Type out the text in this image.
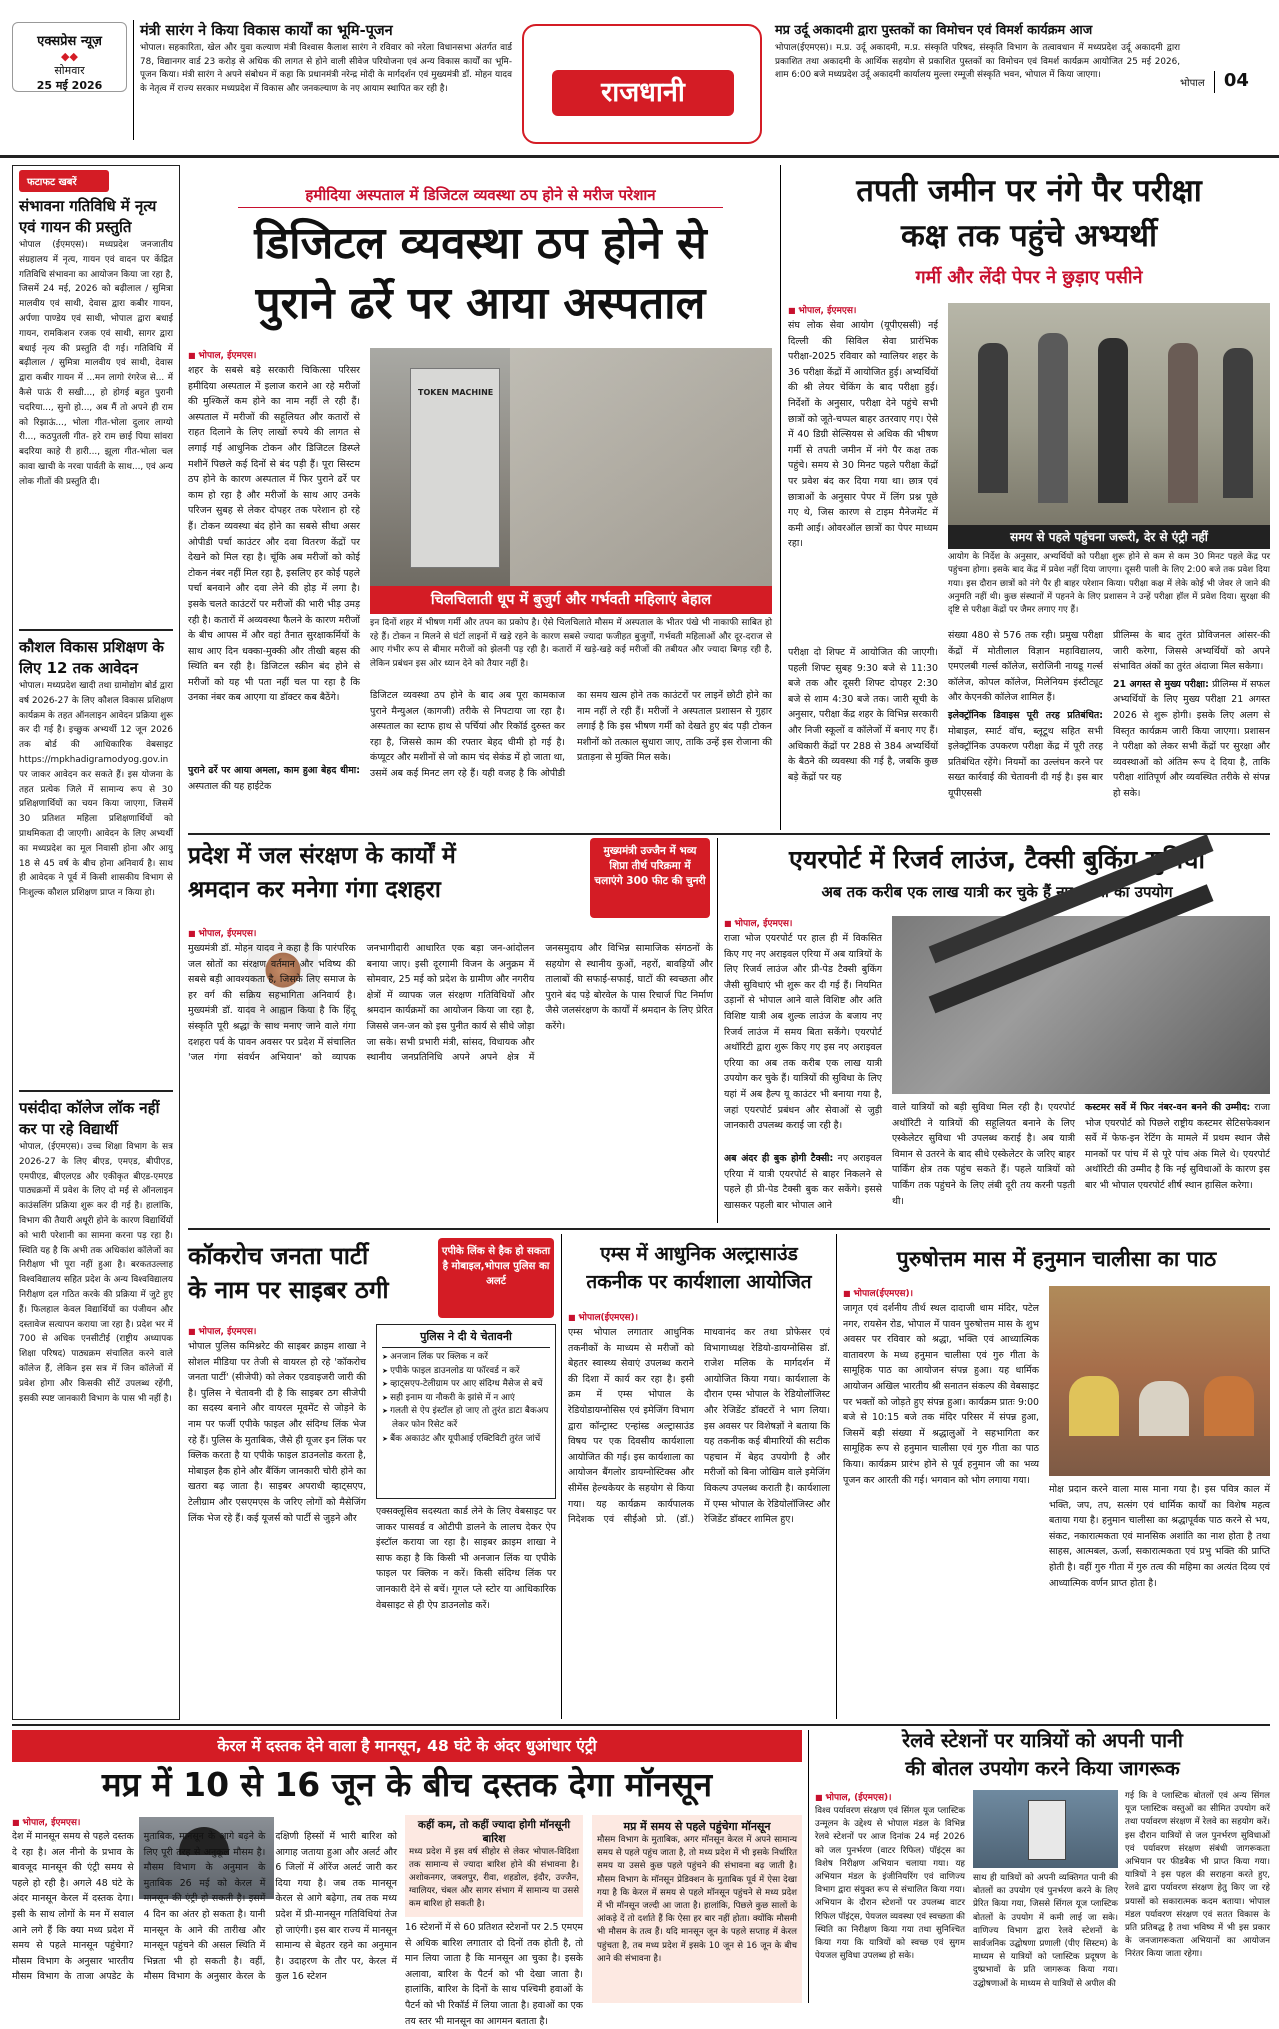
एक्सप्रेस न्यूज़
◆◆
सोमवार
25 मई 2026
मंत्री सारंग ने किया विकास कार्यों का भूमि-पूजन
भोपाल। सहकारिता, खेल और युवा कल्याण मंत्री विश्वास कैलाश सारंग ने रविवार को नरेला विधानसभा अंतर्गत वार्ड 78, विद्यानगर वार्ड 23 करोड़ से अधिक की लागत से होने वाली सीवेज परियोजना एवं अन्य विकास कार्यों का भूमि-पूजन किया। मंत्री सारंग ने अपने संबोधन में कहा कि प्रधानमंत्री नरेन्द्र मोदी के मार्गदर्शन एवं मुख्यमंत्री डॉ. मोहन यादव के नेतृत्व में राज्य सरकार मध्यप्रदेश में विकास और जनकल्याण के नए आयाम स्थापित कर रही है।	राजधानी
मप्र उर्दू अकादमी द्वारा पुस्तकों का विमोचन एवं विमर्श कार्यक्रम आज
भोपाल(ईएमएस)। म.प्र. उर्दू अकादमी, म.प्र. संस्कृति परिषद, संस्कृति विभाग के तत्वावधान में मध्यप्रदेश उर्दू अकादमी द्वारा प्रकाशित तथा अकादमी के आर्थिक सहयोग से प्रकाशित पुस्तकों का विमोचन एवं विमर्श कार्यक्रम आयोजित 25 मई 2026, शाम 6:00 बजे मध्यप्रदेश उर्दू अकादमी कार्यालय मुल्ला रम्मूजी संस्कृति भवन, भोपाल में किया जाएगा।
भोपाल 04
फटाफट खबरें
संभावना गतिविधि में नृत्य एवं गायन की प्रस्तुति
भोपाल (ईएमएस)। मध्यप्रदेश जनजातीय संग्रहालय में नृत्य, गायन एवं वादन पर केंद्रित गतिविधि संभावना का आयोजन किया जा रहा है, जिसमें 24 मई, 2026 को बढ़ीलाल / सुमित्रा मालवीय एवं साथी, देवास द्वारा कबीर गायन, अर्पणा पाण्डेय एवं साथी, भोपाल द्वारा बधाई गायन, रामकिशन रजक एवं साथी, सागर द्वारा बधाई नृत्य की प्रस्तुति दी गई। गतिविधि में बढ़ीलाल / सुमित्रा मालवीय एवं साथी, देवास द्वारा कबीर गायन में ...मन लागो रंगरेज से... में कैसे पाऊं री सखी..., हो होगई बहुत पुरानी चदरिया..., सुनो हो..., अब मैं तो अपने ही राम को रिझाऊं..., भोला गीत-भोला दुलार लाग्यो री..., कठपुतली गीत- हरे राम छाई पिया सांवरा बदरिया काहे री हारी..., झूला गीत-भोला चल कावा खाची के नरवा पार्वती के साथ..., एवं अन्य लोक गीतों की प्रस्तुति दी।
कौशल विकास प्रशिक्षण के लिए 12 तक आवेदन
भोपाल। मध्यप्रदेश खादी तथा ग्रामोद्योग बोर्ड द्वारा वर्ष 2026-27 के लिए कौशल विकास प्रशिक्षण कार्यक्रम के तहत ऑनलाइन आवेदन प्रक्रिया शुरू कर दी गई है। इच्छुक अभ्यर्थी 12 जून 2026 तक बोर्ड की आधिकारिक वेबसाइट https://mpkhadigramodyog.gov.in पर जाकर आवेदन कर सकते हैं। इस योजना के तहत प्रत्येक जिले में सामान्य रूप से 30 प्रशिक्षणार्थियों का चयन किया जाएगा, जिसमें 30 प्रतिशत महिला प्रशिक्षणार्थियों को प्राथमिकता दी जाएगी। आवेदन के लिए अभ्यर्थी का मध्यप्रदेश का मूल निवासी होना और आयु 18 से 45 वर्ष के बीच होना अनिवार्य है। साथ ही आवेदक ने पूर्व में किसी शासकीय विभाग से निःशुल्क कौशल प्रशिक्षण प्राप्त न किया हो।
पसंदीदा कॉलेज लॉक नहीं कर पा रहे विद्यार्थी
भोपाल, (ईएमएस)। उच्च शिक्षा विभाग के सत्र 2026-27 के लिए बीएड, एमएड, बीपीएड, एमपीएड, बीएलएड और एकीकृत बीएड-एमएड पाठ्यक्रमों में प्रवेश के लिए दो मई से ऑनलाइन काउंसलिंग प्रक्रिया शुरू कर दी गई है। हालांकि, विभाग की तैयारी अधूरी होने के कारण विद्यार्थियों को भारी परेशानी का सामना करना पड़ रहा है। स्थिति यह है कि अभी तक अधिकांश कॉलेजों का निरीक्षण भी पूरा नहीं हुआ है। बरकतउल्लाह विश्वविद्यालय सहित प्रदेश के अन्य विश्वविद्यालय निरीक्षण दल गठित करके की प्रक्रिया में जुटे हुए हैं। फिलहाल केवल विद्यार्थियों का पंजीयन और दस्तावेज सत्यापन कराया जा रहा है। प्रदेश भर में 700 से अधिक एनसीटीई (राष्ट्रीय अध्यापक शिक्षा परिषद) पाठ्यक्रम संचालित करने वाले कॉलेज हैं, लेकिन इस सत्र में जिन कॉलेजों में प्रवेश होगा और किसकी सीटें उपलब्ध रहेंगी, इसकी स्पष्ट जानकारी विभाग के पास भी नहीं है।
हमीदिया अस्पताल में डिजिटल व्यवस्था ठप होने से मरीज परेशान
डिजिटल व्यवस्था ठप होने से
पुराने ढर्रे पर आया अस्पताल
■ भोपाल, ईएमएस।
शहर के सबसे बड़े सरकारी चिकित्सा परिसर हमीदिया अस्पताल में इलाज कराने आ रहे मरीजों की मुश्किलें कम होने का नाम नहीं ले रही हैं। अस्पताल में मरीजों की सहूलियत और कतारों से राहत दिलाने के लिए लाखों रुपये की लागत से लगाई गई आधुनिक टोकन और डिजिटल डिस्प्ले मशीनें पिछले कई दिनों से बंद पड़ी हैं। पूरा सिस्टम ठप होने के कारण अस्पताल में फिर पुराने ढर्रे पर काम हो रहा है और मरीजों के साथ आए उनके परिजन सुबह से लेकर दोपहर तक परेशान हो रहे हैं। टोकन व्यवस्था बंद होने का सबसे सीधा असर ओपीडी पर्चा काउंटर और दवा वितरण केंद्रों पर देखने को मिल रहा है। चूंकि अब मरीजों को कोई टोकन नंबर नहीं मिल रहा है, इसलिए हर कोई पहले पर्चा बनवाने और दवा लेने की होड़ में लगा है। इसके चलते काउंटरों पर मरीजों की भारी भीड़ उमड़ रही है। कतारों में अव्यवस्था फैलने के कारण मरीजों के बीच आपस में और वहां तैनात सुरक्षाकर्मियों के साथ आए दिन धक्का-मुक्की और तीखी बहस की स्थिति बन रही है। डिजिटल स्क्रीन बंद होने से मरीजों को यह भी पता नहीं चल पा रहा है कि उनका नंबर कब आएगा या डॉक्टर कब बैठेंगे।
पुराने ढर्रे पर आया अमला, काम हुआ बेहद धीमा: अस्पताल की यह हाईटेक
TOKEN MACHINE
चिलचिलाती धूप में बुजुर्ग और गर्भवती महिलाएं बेहाल
इन दिनों शहर में भीषण गर्मी और तपन का प्रकोप है। ऐसे चिलचिलाते मौसम में अस्पताल के भीतर पंखे भी नाकाफी साबित हो रहे हैं। टोकन न मिलने से घंटों लाइनों में खड़े रहने के कारण सबसे ज्यादा फजीहत बुजुर्गों, गर्भवती महिलाओं और दूर-दराज से आए गंभीर रूप से बीमार मरीजों को झेलनी पड़ रही है। कतारों में खड़े-खड़े कई मरीजों की तबीयत और ज्यादा बिगड़ रही है, लेकिन प्रबंधन इस ओर ध्यान देने को तैयार नहीं है।
डिजिटल व्यवस्था ठप होने के बाद अब पूरा कामकाज पुराने मैन्युअल (कागजी) तरीके से निपटाया जा रहा है। अस्पताल का स्टाफ हाथ से पर्चियां और रिकॉर्ड दुरुस्त कर रहा है, जिससे काम की रफ्तार बेहद धीमी हो गई है। कंप्यूटर और मशीनों से जो काम चंद सेकंड में हो जाता था, उसमें अब कई मिनट लग रहे हैं। यही वजह है कि ओपीडी का समय खत्म होने तक काउंटरों पर लाइनें छोटी होने का नाम नहीं ले रही हैं। मरीजों ने अस्पताल प्रशासन से गुहार लगाई है कि इस भीषण गर्मी को देखते हुए बंद पड़ी टोकन मशीनों को तत्काल सुधारा जाए, ताकि उन्हें इस रोजाना की प्रताड़ना से मुक्ति मिल सके।
तपती जमीन पर नंगे पैर परीक्षा
कक्ष तक पहुंचे अभ्यर्थी
गर्मी और लेंदी पेपर ने छुड़ाए पसीने
■ भोपाल, ईएमएस।
संघ लोक सेवा आयोग (यूपीएससी) नई दिल्ली की सिविल सेवा प्रारंभिक परीक्षा-2025 रविवार को ग्वालियर शहर के 36 परीक्षा केंद्रों में आयोजित हुई। अभ्यर्थियों की श्री लेयर चेकिंग के बाद परीक्षा हुई। निर्देशों के अनुसार, परीक्षा देने पहुंचे सभी छात्रों को जूते-चप्पल बाहर उतरवाए गए। ऐसे में 40 डिग्री सेल्सियस से अधिक की भीषण गर्मी से तपती जमीन में नंगे पैर कक्ष तक पहुंचे। समय से 30 मिनट पहले परीक्षा केंद्रों पर प्रवेश बंद कर दिया गया था। छात्र एवं छात्राओं के अनुसार पेपर में लिंग प्रश्न पूछे गए थे, जिस कारण से टाइम मैनेजमेंट में कमी आई। ओवरऑल छात्रों का पेपर माध्यम रहा।
परीक्षा दो शिफ्ट में आयोजित की जाएगी। पहली शिफ्ट सुबह 9:30 बजे से 11:30 बजे तक और दूसरी शिफ्ट दोपहर 2:30 बजे से शाम 4:30 बजे तक। जारी सूची के अनुसार, परीक्षा केंद्र शहर के विभिन्न सरकारी और निजी स्कूलों व कॉलेजों में बनाए गए हैं। अधिकारी केंद्रों पर 288 से 384 अभ्यर्थियों के बैठने की व्यवस्था की गई है, जबकि कुछ बड़े केंद्रों पर यह
समय से पहले पहुंचना जरूरी, देर से एंट्री नहीं
आयोग के निर्देश के अनुसार, अभ्यर्थियों को परीक्षा शुरू होने से कम से कम 30 मिनट पहले केंद्र पर पहुंचना होगा। इसके बाद केंद्र में प्रवेश नहीं दिया जाएगा। दूसरी पाली के लिए 2:00 बजे तक प्रवेश दिया गया। इस दौरान छात्रों को नंगे पैर ही बाहर परेशान किया। परीक्षा कक्ष में लेके कोई भी जेवर ले जाने की अनुमति नहीं थी। कुछ संस्थानों में पहनने के लिए प्रशासन ने उन्हें परीक्षा हॉल में प्रवेश दिया। सुरक्षा की दृष्टि से परीक्षा केंद्रों पर जैमर लगाए गए हैं।
संख्या 480 से 576 तक रही। प्रमुख परीक्षा केंद्रों में मोतीलाल विज्ञान महाविद्यालय, एमएलबी गर्ल्स कॉलेज, सरोजिनी नायडू गर्ल्स कॉलेज, कोपल कॉलेज, मिलेनियम इंस्टीट्यूट और केएनकी कॉलेज शामिल हैं।
इलेक्ट्रॉनिक डिवाइस पूरी तरह प्रतिबंधित: मोबाइल, स्मार्ट वॉच, ब्लूटूथ सहित सभी इलेक्ट्रॉनिक उपकरण परीक्षा केंद्र में पूरी तरह प्रतिबंधित रहेंगे। नियमों का उल्लंघन करने पर सख्त कार्रवाई की चेतावनी दी गई है। इस बार यूपीएससी
प्रीलिम्स के बाद तुरंत प्रोविजनल आंसर-की जारी करेगा, जिससे अभ्यर्थियों को अपने संभावित अंकों का तुरंत अंदाजा मिल सकेगा।
21 अगस्त से मुख्य परीक्षा: प्रीलिम्स में सफल अभ्यर्थियों के लिए मुख्य परीक्षा 21 अगस्त 2026 से शुरू होगी। इसके लिए अलग से विस्तृत कार्यक्रम जारी किया जाएगा। प्रशासन ने परीक्षा को लेकर सभी केंद्रों पर सुरक्षा और व्यवस्थाओं को अंतिम रूप दे दिया है, ताकि परीक्षा शांतिपूर्ण और व्यवस्थित तरीके से संपन्न हो सके।
प्रदेश में जल संरक्षण के कार्यों में
श्रमदान कर मनेगा गंगा दशहरा
मुख्यमंत्री उज्जैन में भव्य शिप्रा तीर्थ परिक्रमा में चलाएंगे 300 फीट की चुनरी
■ भोपाल, ईएमएस।
मुख्यमंत्री डॉ. मोहन यादव ने कहा है कि पारंपरिक जल स्रोतों का संरक्षण वर्तमान और भविष्य की सबसे बड़ी आवश्यकता है, जिसके लिए समाज के हर वर्ग की सक्रिय सहभागिता अनिवार्य है। मुख्यमंत्री डॉ. यादव ने आह्वान किया है कि हिंदू संस्कृति पूरी श्रद्धा के साथ मनाए जाने वाले गंगा दशहरा पर्व के पावन अवसर पर प्रदेश में संचालित 'जल गंगा संवर्धन अभियान' को व्यापक जनभागीदारी आधारित एक बड़ा जन-आंदोलन बनाया जाए। इसी दूरगामी विजन के अनुक्रम में सोमवार, 25 मई को प्रदेश के ग्रामीण और नगरीय क्षेत्रों में व्यापक जल संरक्षण गतिविधियों और श्रमदान कार्यक्रमों का आयोजन किया जा रहा है, जिससे जन-जन को इस पुनीत कार्य से सीधे जोड़ा जा सके। सभी प्रभारी मंत्री, सांसद, विधायक और स्थानीय जनप्रतिनिधि अपने अपने क्षेत्र में जनसमुदाय और विभिन्न सामाजिक संगठनों के सहयोग से स्थानीय कुओं, नहरों, बावड़ियों और तालाबों की सफाई-सफाई, घाटों की स्वच्छता और पुराने बंद पड़े बोरवेल के पास रिचार्ज पिट निर्माण जैसे जलसंरक्षण के कार्यों में श्रमदान के लिए प्रेरित करेंगे।
एयरपोर्ट में रिजर्व लाउंज, टैक्सी बुकिंग सुविधा
अब तक करीब एक लाख यात्री कर चुके हैं नए एरिया का उपयोग
■ भोपाल, ईएमएस।
राजा भोज एयरपोर्ट पर हाल ही में विकसित किए गए नए अराइवल एरिया में अब यात्रियों के लिए रिजर्व लाउंज और प्री-पेड टैक्सी बुकिंग जैसी सुविधाएं भी शुरू कर दी गई हैं। नियमित उड़ानों से भोपाल आने वाले विशिष्ट और अति विशिष्ट यात्री अब शुल्क लाउंज के बजाय नए रिजर्व लाउंज में समय बिता सकेंगे। एयरपोर्ट अथॉरिटी द्वारा शुरू किए गए इस नए अराइवल एरिया का अब तक करीब एक लाख यात्री उपयोग कर चुके हैं। यात्रियों की सुविधा के लिए यहां में अब हैल्प यू काउंटर भी बनाया गया है, जहां एयरपोर्ट प्रबंधन और सेवाओं से जुड़ी जानकारी उपलब्ध कराई जा रही है।
अब अंदर ही बुक होगी टैक्सी: नए अराइवल एरिया में यात्री एयरपोर्ट से बाहर निकलने से पहले ही प्री-पेड टैक्सी बुक कर सकेंगे। इससे खासकर पहली बार भोपाल आने
वाले यात्रियों को बड़ी सुविधा मिल रही है। एयरपोर्ट अथॉरिटी ने यात्रियों की सहूलियत बनाने के लिए एस्केलेटर सुविधा भी उपलब्ध कराई है। अब यात्री विमान से उतरने के बाद सीधे एस्केलेटर के जरिए बाहर पार्किंग क्षेत्र तक पहुंच सकते हैं। पहले यात्रियों को पार्किंग तक पहुंचने के लिए लंबी दूरी तय करनी पड़ती थी।
कस्टमर सर्वे में फिर नंबर-वन बनने की उम्मीद: राजा भोज एयरपोर्ट को पिछले राष्ट्रीय कस्टमर सेटिसफेक्शन सर्वे में फेफ-इन रेटिंग के मामले में प्रथम स्थान जैसे मानकों पर पांच में से पूरे पांच अंक मिले थे। एयरपोर्ट अथॉरिटी की उम्मीद है कि नई सुविधाओं के कारण इस बार भी भोपाल एयरपोर्ट शीर्ष स्थान हासिल करेगा।
कॉकरोच जनता पार्टी
के नाम पर साइबर ठगी
एपीके लिंक से हैक हो सकता है मोबाइल,भोपाल पुलिस का अलर्ट
■ भोपाल, ईएमएस।
भोपाल पुलिस कमिश्नरेट की साइबर क्राइम शाखा ने सोशल मीडिया पर तेजी से वायरल हो रहे 'कॉकरोच जनता पार्टी' (सीजेपी) को लेकर एडवाइजरी जारी की है। पुलिस ने चेतावनी दी है कि साइबर ठग सीजेपी का सदस्य बनाने और वायरल मूवमेंट से जोड़ने के नाम पर फर्जी एपीके फाइल और संदिग्ध लिंक भेज रहे हैं। पुलिस के मुताबिक, जैसे ही यूजर इन लिंक पर क्लिक करता है या एपीके फाइल डाउनलोड करता है, मोबाइल हैक होने और बैंकिंग जानकारी चोरी होने का खतरा बढ़ जाता है। साइबर अपराधी व्हाट्सएप, टेलीग्राम और एसएमएस के जरिए लोगों को मैसेजिंग लिंक भेज रहे हैं। कई यूजर्स को पार्टी से जुड़ने और
पुलिस ने दी ये चेतावनी
➤ अनजान लिंक पर क्लिक न करें
➤ एपीके फाइल डाउनलोड या फॉरवर्ड न करें
➤ व्हाट्सएप-टेलीग्राम पर आए संदिग्ध मैसेज से बचें
➤ सही इनाम या नौकरी के झांसे में न आएं
➤ गलती से ऐप इंस्टॉल हो जाए तो तुरंत डाटा बैकअप लेकर फोन रिसेट करें
➤ बैंक अकाउंट और यूपीआई एक्टिविटी तुरंत जांचें
एक्सक्लूसिव सदस्यता कार्ड लेने के लिए वेबसाइट पर जाकर पासवर्ड व ओटीपी डालने के लालच देकर ऐप इंस्टॉल कराया जा रहा है। साइबर क्राइम शाखा ने साफ कहा है कि किसी भी अनजान लिंक या एपीके फाइल पर क्लिक न करें। किसी संदिग्ध लिंक पर जानकारी देने से बचें। गूगल प्ले स्टोर या आधिकारिक वेबसाइट से ही ऐप डाउनलोड करें।
एम्स में आधुनिक अल्ट्रासाउंड
तकनीक पर कार्यशाला आयोजित
■ भोपाल(ईएमएस)।
एम्स भोपाल लगातार आधुनिक तकनीकों के माध्यम से मरीजों को बेहतर स्वास्थ्य सेवाएं उपलब्ध कराने की दिशा में कार्य कर रहा है। इसी क्रम में एम्स भोपाल के रेडियोडायग्नोसिस एवं इमेजिंग विभाग द्वारा कॉन्ट्रास्ट एन्हांस्ड अल्ट्रासाउंड विषय पर एक दिवसीय कार्यशाला आयोजित की गई। इस कार्यशाला का आयोजन बैंगलोर डायग्नोस्टिक्स और सीमेंस हेल्थकेयर के सहयोग से किया गया। यह कार्यक्रम कार्यपालक निदेशक एवं सीईओ प्रो. (डॉ.) माधवानंद कर तथा प्रोफेसर एवं विभागाध्यक्ष रेडियो-डायग्नोसिस डॉ. राजेश मलिक के मार्गदर्शन में आयोजित किया गया। कार्यशाला के दौरान एम्स भोपाल के रेडियोलॉजिस्ट और रेजिडेंट डॉक्टरों ने भाग लिया। इस अवसर पर विशेषज्ञों ने बताया कि यह तकनीक कई बीमारियों की सटीक पहचान में बेहद उपयोगी है और मरीजों को बिना जोखिम वाले इमेजिंग विकल्प उपलब्ध कराती है। कार्यशाला में एम्स भोपाल के रेडियोलॉजिस्ट और रेजिडेंट डॉक्टर शामिल हुए।
पुरुषोत्तम मास में हनुमान चालीसा का पाठ
■ भोपाल(ईएमएस)।
जागृत एवं दर्शनीय तीर्थ स्थल दादाजी धाम मंदिर, पटेल नगर, रायसेन रोड, भोपाल में पावन पुरुषोत्तम मास के शुभ अवसर पर रविवार को श्रद्धा, भक्ति एवं आध्यात्मिक वातावरण के मध्य हनुमान चालीसा एवं गुरु गीता के सामूहिक पाठ का आयोजन संपन्न हुआ। यह धार्मिक आयोजन अखिल भारतीय श्री सनातन संकल्प की वेबसाइट पर भक्तों को जोड़ते हुए संपन्न हुआ। कार्यक्रम प्रातः 9:00 बजे से 10:15 बजे तक मंदिर परिसर में संपन्न हुआ, जिसमें बड़ी संख्या में श्रद्धालुओं ने सहभागिता कर सामूहिक रूप से हनुमान चालीसा एवं गुरु गीता का पाठ किया। कार्यक्रम प्रारंभ होने से पूर्व हनुमान जी का भव्य पूजन कर आरती की गई। भगवान को भोग लगाया गया।
मोक्ष प्रदान करने वाला मास माना गया है। इस पवित्र काल में भक्ति, जप, तप, सत्संग एवं धार्मिक कार्यों का विशेष महत्व बताया गया है। हनुमान चालीसा का श्रद्धापूर्वक पाठ करने से भय, संकट, नकारात्मकता एवं मानसिक अशांति का नाश होता है तथा साहस, आत्मबल, ऊर्जा, सकारात्मकता एवं प्रभु भक्ति की प्राप्ति होती है। वहीं गुरु गीता में गुरु तत्व की महिमा का अत्यंत दिव्य एवं आध्यात्मिक वर्णन प्राप्त होता है।
केरल में दस्तक देने वाला है मानसून, 48 घंटे के अंदर धुआंधार एंट्री
मप्र में 10 से 16 जून के बीच दस्तक देगा मॉनसून
■ भोपाल, ईएमएस।
देश में मानसून समय से पहले दस्तक दे रहा है। अल नीनो के प्रभाव के बावजूद मानसून की एंट्री समय से पहले हो रही है। अगले 48 घंटे के अंदर मानसून केरल में दस्तक देगा। इसी के साथ लोगों के मन में सवाल आने लगे हैं कि क्या मध्य प्रदेश में समय से पहले मानसून पहुंचेगा? मौसम विभाग के अनुसार भारतीय मौसम विभाग के ताजा अपडेट के मुताबिक, मानसून के आगे बढ़ने के लिए पूरी तरह से अनुकूल मौसम है। मौसम विभाग के अनुमान के मुताबिक 26 मई को केरल में मानसून की एंट्री हो सकती है। इसमें 4 दिन का अंतर हो सकता है। यानी मानसून के आने की तारीख और मानसून पहुंचने की असल स्थिति में भिन्नता भी हो सकती है। वहीं, मौसम विभाग के अनुसार केरल के दक्षिणी हिस्सों में भारी बारिश को आगाह जताया हुआ और अलर्ट और 6 जिलों में ऑरेंज अलर्ट जारी कर दिया गया है। जब तक मानसून केरल से आगे बढ़ेगा, तब तक मध्य प्रदेश में प्री-मानसून गतिविधियां तेज हो जाएंगी। इस बार राज्य में मानसून सामान्य से बेहतर रहने का अनुमान है। उदाहरण के तौर पर, केरल में कुल 16 स्टेशन
कहीं कम, तो कहीं ज्यादा होगी मॉनसूनी बारिश
मध्य प्रदेश में इस वर्ष सीहोर से लेकर भोपाल-विदिशा तक सामान्य से ज्यादा बारिश होने की संभावना है। अशोकनगर, जबलपुर, रीवा, शहडोल, इंदौर, उज्जैन, ग्वालियर, चंबल और सागर संभाग में सामान्य या उससे कम बारिश हो सकती है।
16 स्टेशनों में से 60 प्रतिशत स्टेशनों पर 2.5 एमएम से अधिक बारिश लगातार दो दिनों तक होती है, तो मान लिया जाता है कि मानसून आ चुका है। इसके अलावा, बारिश के पैटर्न को भी देखा जाता है। हालांकि, बारिश के दिनों के साथ पश्चिमी हवाओं के पैटर्न को भी रिकॉर्ड में लिया जाता है। हवाओं का एक तय स्तर भी मानसून का आगमन बताता है।
मप्र में समय से पहले पहुंचेगा मॉनसून
मौसम विभाग के मुताबिक, अगर मॉनसून केरल में अपने सामान्य समय से पहले पहुंच जाता है, तो मध्य प्रदेश में भी इसके निर्धारित समय या उससे कुछ पहले पहुंचने की संभावना बढ़ जाती है। मौसम विभाग के मॉनसून प्रेडिक्शन के मुताबिक पूर्व में ऐसा देखा गया है कि केरल में समय से पहले मॉनसून पहुंचने से मध्य प्रदेश में भी मॉनसून जल्दी आ जाता है। हालांकि, पिछले कुछ सालों के आंकड़े दें तो दर्शाते हैं कि ऐसा हर बार नहीं होता। क्योंकि मौसमी भी मौसम के तत्व हैं। यदि मानसून जून के पहले सप्ताह में केरल पहुंचता है, तब मध्य प्रदेश में इसके 10 जून से 16 जून के बीच आने की संभावना है।
रेलवे स्टेशनों पर यात्रियों को अपनी पानी
की बोतल उपयोग करने किया जागरूक
■ भोपाल, (ईएमएस)।
विश्व पर्यावरण संरक्षण एवं सिंगल यूज प्लास्टिक उन्मूलन के उद्देश्य से भोपाल मंडल के विभिन्न रेलवे स्टेशनों पर आज दिनांक 24 मई 2026 को जल पुनर्भरण (वाटर रिफिल) पॉइंट्स का विशेष निरीक्षण अभियान चलाया गया। यह अभियान मंडल के इंजीनियरिंग एवं वाणिज्य विभाग द्वारा संयुक्त रूप से संचालित किया गया। अभियान के दौरान स्टेशनों पर उपलब्ध वाटर रिफिल पॉइंट्स, पेयजल व्यवस्था एवं स्वच्छता की स्थिति का निरीक्षण किया गया तथा सुनिश्चित किया गया कि यात्रियों को स्वच्छ एवं सुगम पेयजल सुविधा उपलब्ध हो सके।
साथ ही यात्रियों को अपनी व्यक्तिगत पानी की बोतलों का उपयोग एवं पुनर्भरण करने के लिए प्रेरित किया गया, जिससे सिंगल यूज प्लास्टिक बोतलों के उपयोग में कमी लाई जा सके। वाणिज्य विभाग द्वारा रेलवे स्टेशनों के सार्वजनिक उद्घोषणा प्रणाली (पीए सिस्टम) के माध्यम से यात्रियों को प्लास्टिक प्रदूषण के दुष्प्रभावों के प्रति जागरूक किया गया। उद्घोषणाओं के माध्यम से यात्रियों से अपील की
गई कि वे प्लास्टिक बोतलों एवं अन्य सिंगल यूज प्लास्टिक वस्तुओं का सीमित उपयोग करें तथा पर्यावरण संरक्षण में रेलवे का सहयोग करें। इस दौरान यात्रियों से जल पुनर्भरण सुविधाओं एवं पर्यावरण संरक्षण संबंधी जागरूकता अभियान पर फीडबैक भी प्राप्त किया गया। यात्रियों ने इस पहल की सराहना करते हुए, रेलवे द्वारा पर्यावरण संरक्षण हेतु किए जा रहे प्रयासों को सकारात्मक कदम बताया। भोपाल मंडल पर्यावरण संरक्षण एवं सतत विकास के प्रति प्रतिबद्ध है तथा भविष्य में भी इस प्रकार के जनजागरूकता अभियानों का आयोजन निरंतर किया जाता रहेगा।
